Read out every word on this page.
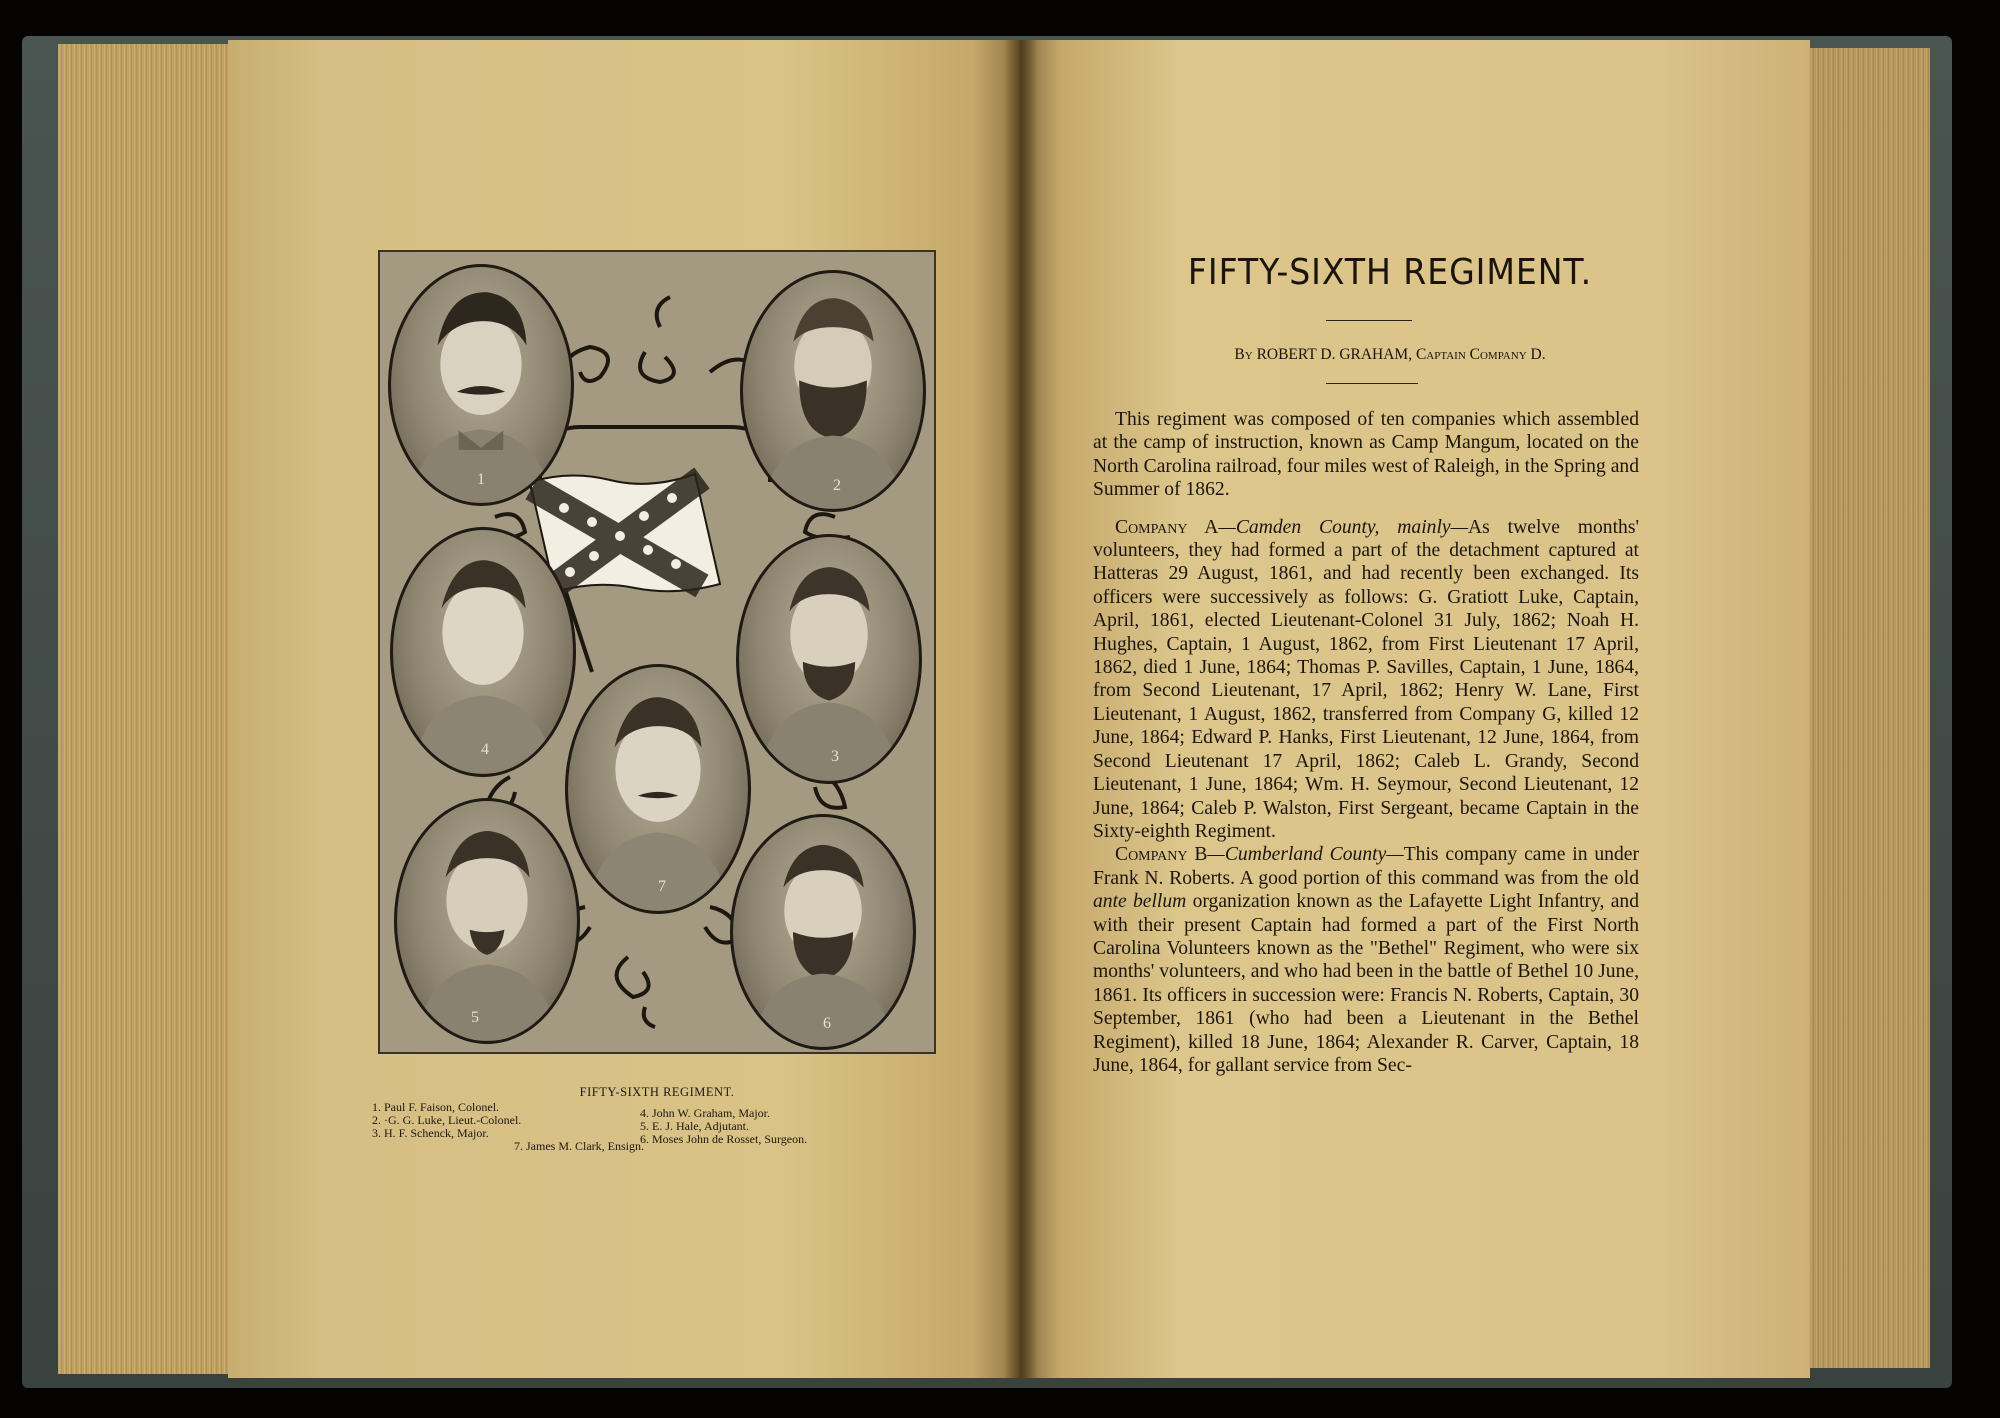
1	2
4	3
7
5	6
FIFTY-SIXTH REGIMENT.
1. Paul F. Faison, Colonel.
2. ·G. G. Luke, Lieut.-Colonel.
3. H. F. Schenck, Major.
4. John W. Graham, Major.
5. E. J. Hale, Adjutant.
6. Moses John de Rosset, Surgeon.
7. James M. Clark, Ensign.
FIFTY-SIXTH REGIMENT.
By ROBERT D. GRAHAM, Captain Company D.

This regiment was composed of ten companies which assembled at the camp of instruction, known as Camp Mangum, located on the North Carolina railroad, four miles west of Raleigh, in the Spring and Summer of 1862.

Company A—Camden County, mainly—As twelve months' volunteers, they had formed a part of the detachment captured at Hatteras 29 August, 1861, and had recently been exchanged. Its officers were successively as follows: G. Gratiott Luke, Captain, April, 1861, elected Lieutenant-Colonel 31 July, 1862; Noah H. Hughes, Captain, 1 August, 1862, from First Lieutenant 17 April, 1862, died 1 June, 1864; Thomas P. Savilles, Captain, 1 June, 1864, from Second Lieutenant, 17 April, 1862; Henry W. Lane, First Lieutenant, 1 August, 1862, transferred from Company G, killed 12 June, 1864; Edward P. Hanks, First Lieutenant, 12 June, 1864, from Second Lieutenant 17 April, 1862; Caleb L. Grandy, Second Lieutenant, 1 June, 1864; Wm. H. Seymour, Second Lieutenant, 12 June, 1864; Caleb P. Walston, First Sergeant, became Captain in the Sixty-eighth Regiment.

Company B—Cumberland County—This company came in under Frank N. Roberts. A good portion of this command was from the old ante bellum organization known as the Lafayette Light Infantry, and with their present Captain had formed a part of the First North Carolina Volunteers known as the "Bethel" Regiment, who were six months' volunteers, and who had been in the battle of Bethel 10 June, 1861. Its officers in succession were: Francis N. Roberts, Captain, 30 September, 1861 (who had been a Lieutenant in the Bethel Regiment), killed 18 June, 1864; Alexander R. Carver, Captain, 18 June, 1864, for gallant service from Sec-
